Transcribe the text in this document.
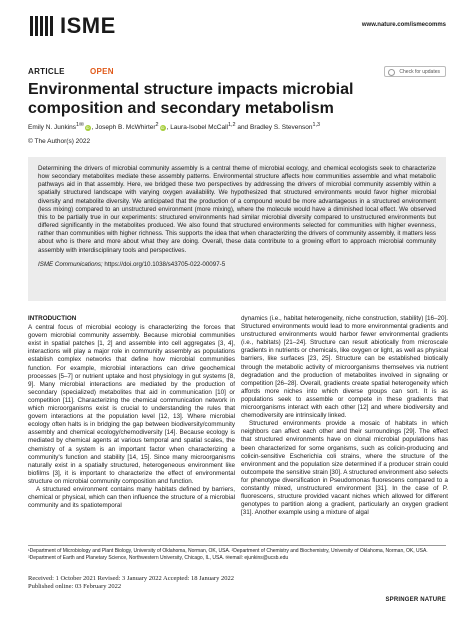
ISME	www.nature.com/ismecomms
ARTICLE	OPEN	Check for updates
Environmental structure impacts microbial composition and secondary metabolism
Emily N. Junkins$^{1✉}$ iD , Joseph B. McWhirter$^2$ iD , Laura-Isobel McCall$^{1,2}$ and Bradley S. Stevenson$^{1,3}$
© The Author(s) 2022

Determining the drivers of microbial community assembly is a central theme of microbial ecology, and chemical ecologists seek to characterize how secondary metabolites mediate these assembly patterns. Environmental structure affects how communities assemble and what metabolic pathways aid in that assembly. Here, we bridged these two perspectives by addressing the drivers of microbial community assembly within a spatially structured landscape with varying oxygen availability. We hypothesized that structured environments would favor higher microbial diversity and metabolite diversity. We anticipated that the production of a compound would be more advantageous in a structured environment (less mixing) compared to an unstructured environment (more mixing), where the molecule would have a diminished local effect. We observed this to be partially true in our experiments: structured environments had similar microbial diversity compared to unstructured environments but differed significantly in the metabolites produced. We also found that structured environments selected for communities with higher evenness, rather than communities with higher richness. This supports the idea that when characterizing the drivers of community assembly, it matters less about who is there and more about what they are doing. Overall, these data contribute to a growing effort to approach microbial community assembly with interdisciplinary tools and perspectives.

ISME Communications; https://doi.org/10.1038/s43705-022-00097-5

INTRODUCTION

A central focus of microbial ecology is characterizing the forces that govern microbial community assembly. Because microbial communities exist in spatial patches [1, 2] and assemble into cell aggregates [3, 4], interactions will play a major role in community assembly as populations establish complex networks that define how microbial communities function. For example, microbial interactions can drive geochemical processes [5–7] or nutrient uptake and host physiology in gut systems [8, 9]. Many microbial interactions are mediated by the production of secondary (specialized) metabolites that aid in communication [10] or competition [11]. Characterizing the chemical communication network in which microorganisms exist is crucial to understanding the rules that govern interactions at the population level [12, 13]. Where microbial ecology often halts is in bridging the gap between biodiversity/community assembly and chemical ecology/chemodiversity [14]. Because ecology is mediated by chemical agents at various temporal and spatial scales, the chemistry of a system is an important factor when characterizing a community's function and stability [14, 15]. Since many microorganisms naturally exist in a spatially structured, heterogeneous environment like biofilms [3], it is important to characterize the effect of environmental structure on microbial community composition and function.

A structured environment contains many habitats defined by barriers, chemical or physical, which can then influence the structure of a microbial community and its spatiotemporal

dynamics (i.e., habitat heterogeneity, niche construction, stability) [16–20]. Structured environments would lead to more environmental gradients and unstructured environments would harbor fewer environmental gradients (i.e., habitats) [21–24]. Structure can result abiotically from microscale gradients in nutrients or chemicals, like oxygen or light, as well as physical barriers, like surfaces [23, 25]. Structure can be established biotically through the metabolic activity of microorganisms themselves via nutrient degradation and the production of metabolites involved in signaling or competition [26–28]. Overall, gradients create spatial heterogeneity which affords more niches into which diverse groups can sort. It is as populations seek to assemble or compete in these gradients that microorganisms interact with each other [12] and where biodiversity and chemodiversity are intrinsically linked.

Structured environments provide a mosaic of habitats in which neighbors can affect each other and their surroundings [29]. The effect that structured environments have on clonal microbial populations has been characterized for some organisms, such as colicin-producing and colicin-sensitive Escherichia coli strains, where the structure of the environment and the population size determined if a producer strain could outcompete the sensitive strain [30]. A structured environment also selects for phenotype diversification in Pseudomonas fluorescens compared to a constantly mixed, unstructured environment [31]. In the case of P. fluorescens, structure provided vacant niches which allowed for different genotypes to partition along a gradient, particularly an oxygen gradient [31]. Another example using a mixture of algal

¹Department of Microbiology and Plant Biology, University of Oklahoma, Norman, OK, USA. ²Department of Chemistry and Biochemistry, University of Oklahoma, Norman, OK, USA. ³Department of Earth and Planetary Science, Northwestern University, Chicago, IL, USA. ✉email: ejunkins@ucsb.edu
Received: 1 October 2021 Revised: 3 January 2022 Accepted: 18 January 2022
Published online: 03 February 2022
SPRINGER NATURE
